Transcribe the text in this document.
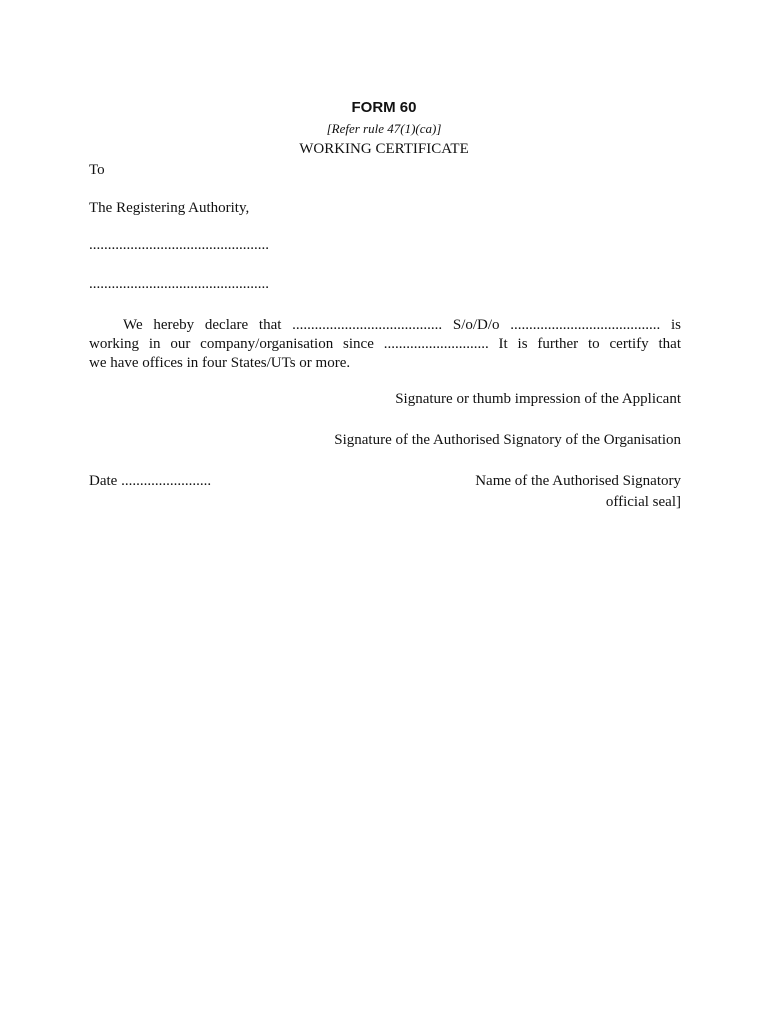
FORM 60
[Refer rule 47(1)(ca)]
WORKING CERTIFICATE
To
The Registering Authority,
................................................
................................................
We hereby declare that ........................................ S/o/D/o ........................................ is
working in our company/organisation since ............................ It is further to certify that
we have offices in four States/UTs or more.
Signature or thumb impression of the Applicant
Signature of the Authorised Signatory of the Organisation
Date ........................	Name of the Authorised Signatory
official seal]
